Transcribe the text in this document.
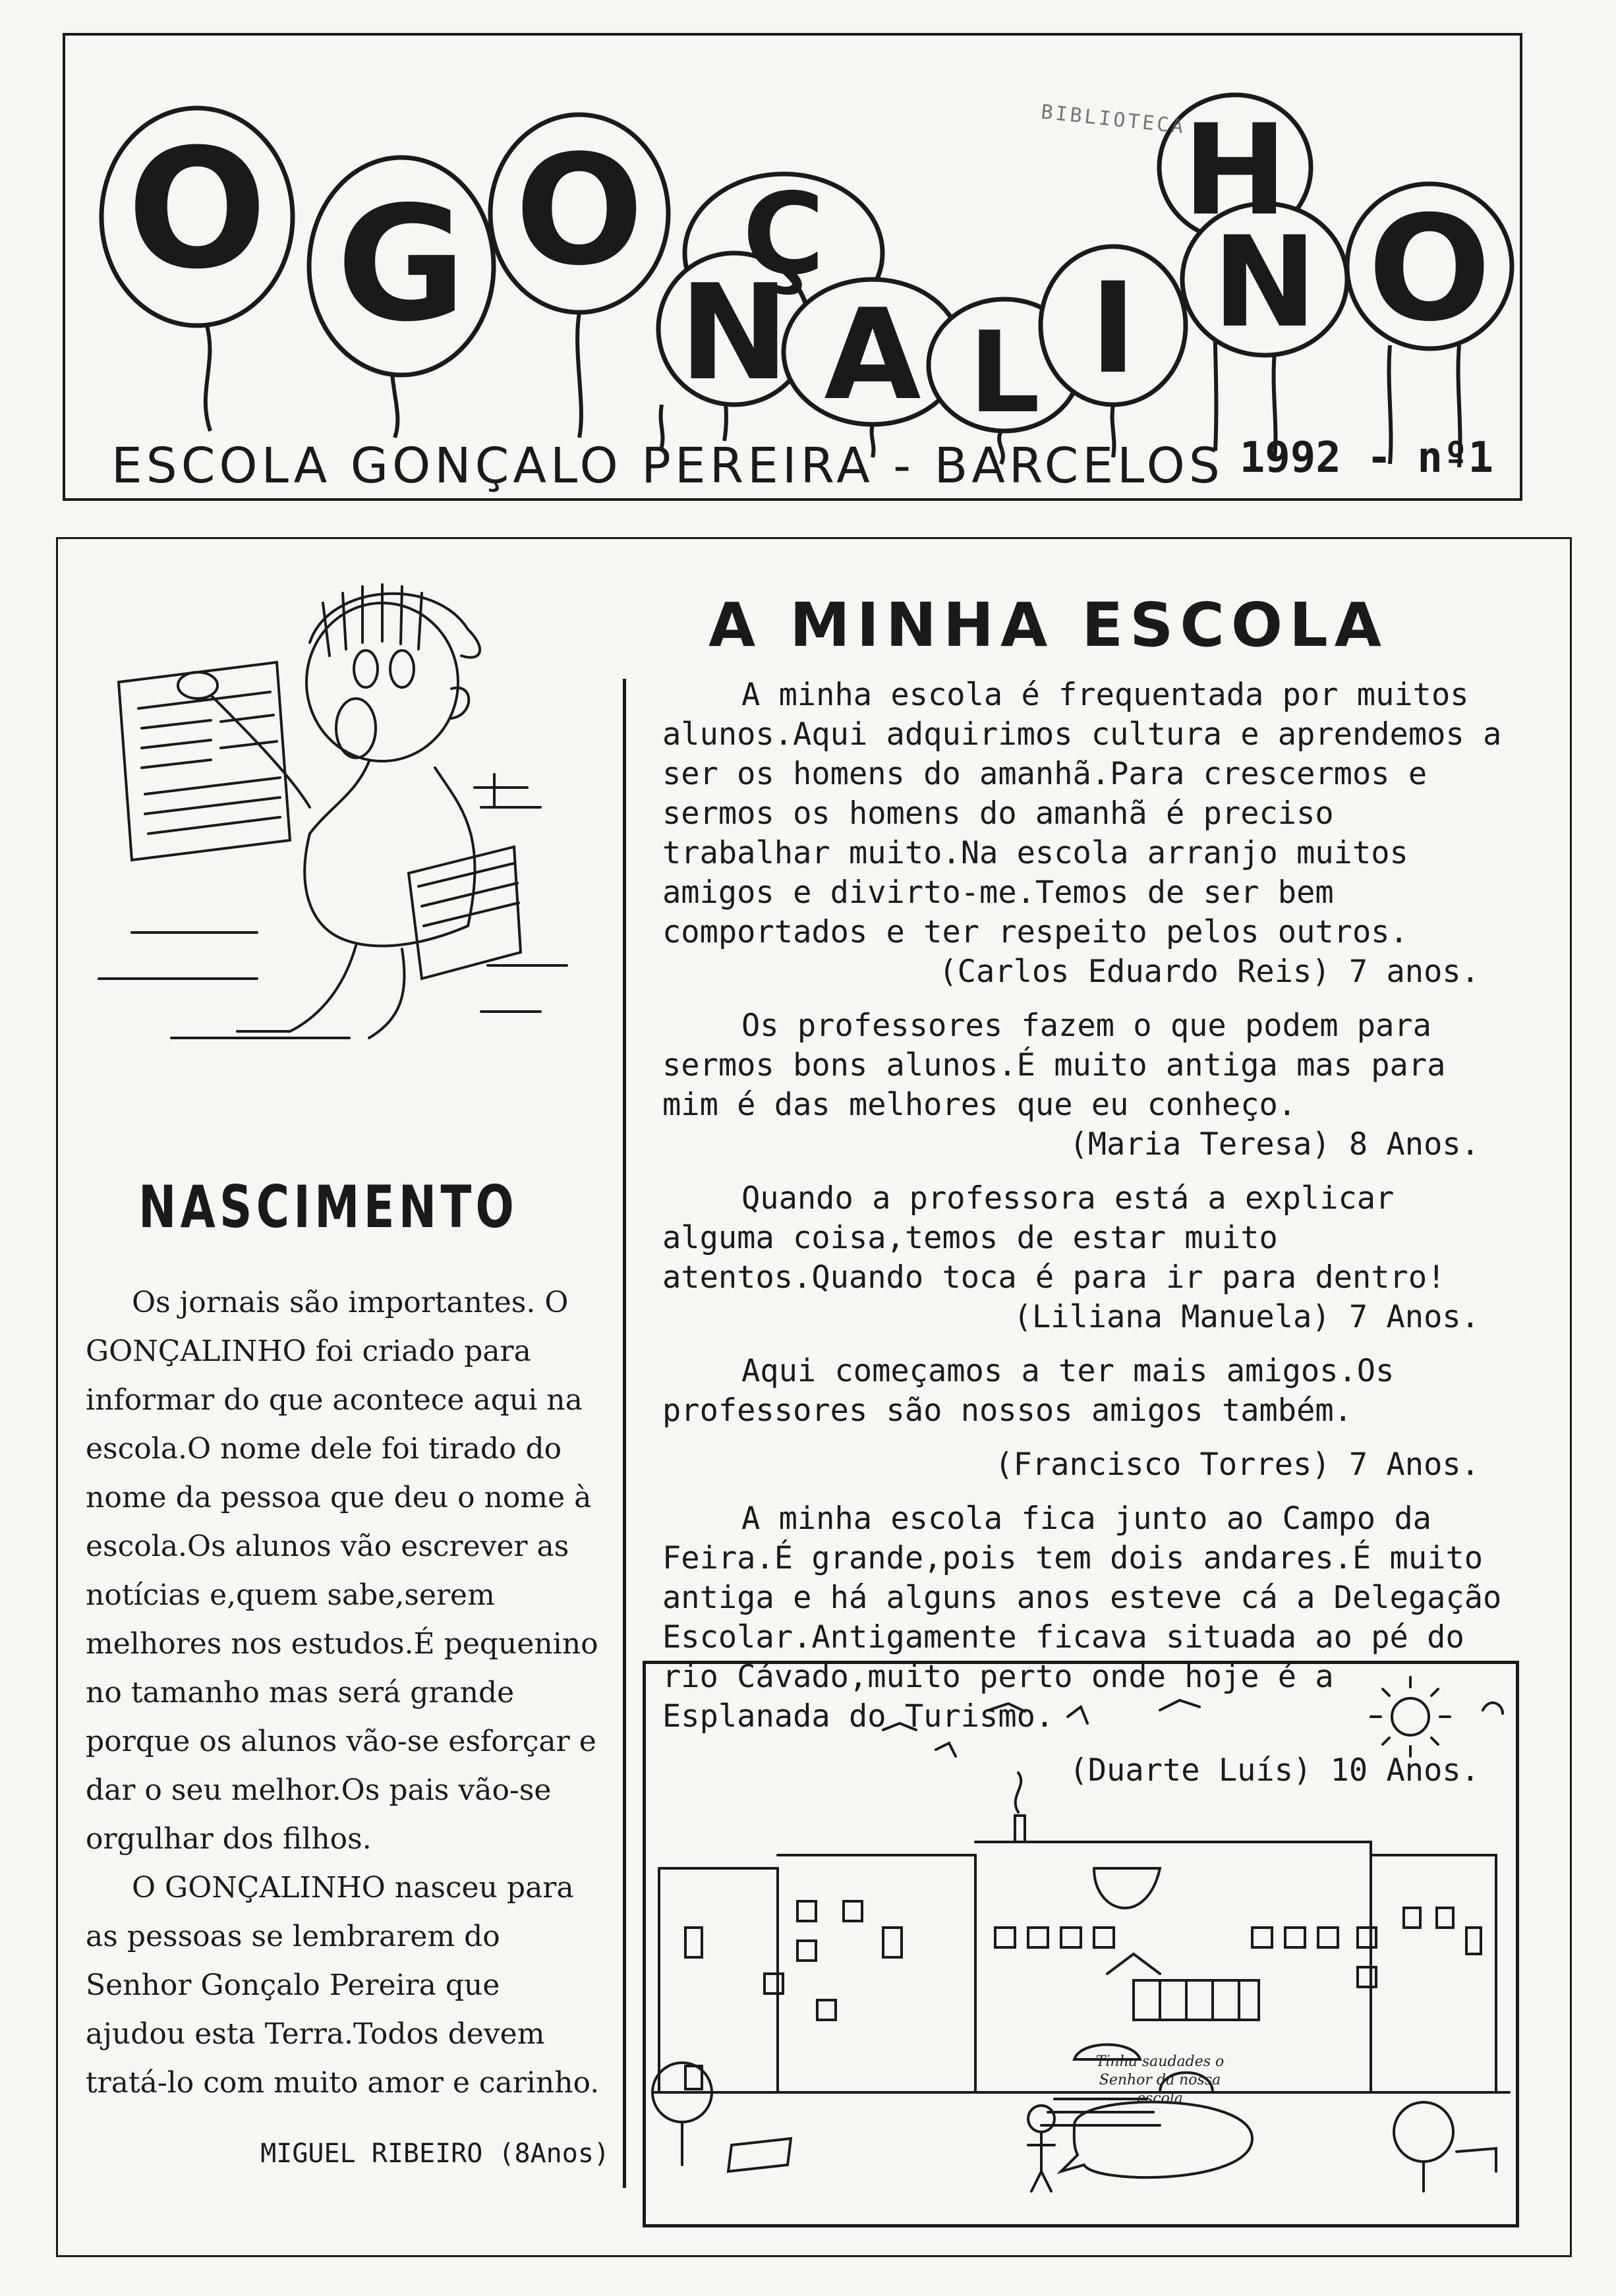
O G O
N
Ç
A L I N
H
O
BIBLIOTECA
ESCOLA GONÇALO PEREIRA - BARCELOS 1992 - nº1
NASCIMENTO

Os jornais são importantes. O GONÇALINHO foi criado para informar do que acontece aqui na escola.O nome dele foi tirado do nome da pessoa que deu o nome à escola.Os alunos vão escrever as notícias e,quem sabe,serem melhores nos estudos.É pequenino no tamanho mas será grande porque os alunos vão-se esforçar e dar o seu melhor.Os pais vão-se orgulhar dos filhos.

O GONÇALINHO nasceu para as pessoas se lembrarem do Senhor Gonçalo Pereira que ajudou esta Terra.Todos devem tratá-lo com muito amor e carinho.

MIGUEL RIBEIRO (8Anos)
A MINHA ESCOLA

A minha escola é frequentada por muitos alunos.Aqui adquirimos cultura e aprendemos a ser os homens do amanhã.Para crescermos e sermos os homens do amanhã é preciso trabalhar muito.Na escola arranjo muitos amigos e divirto-me.Temos de ser bem comportados e ter respeito pelos outros.

(Carlos Eduardo Reis) 7 anos.

Os professores fazem o que podem para sermos bons alunos.É muito antiga mas para mim é das melhores que eu conheço.

(Maria Teresa) 8 Anos.

Quando a professora está a explicar alguma coisa,temos de estar muito atentos.Quando toca é para ir para dentro!

(Liliana Manuela) 7 Anos.

Aqui começamos a ter mais amigos.Os professores são nossos amigos também.

(Francisco Torres) 7 Anos.

A minha escola fica junto ao Campo da Feira.É grande,pois tem dois andares.É muito antiga e há alguns anos esteve cá a Delegação Escolar.Antigamente ficava situada ao pé do rio Cávado,muito perto onde hoje é a Esplanada do Turismo.

(Duarte Luís) 10 Anos.

Tinha saudades o Senhor da nossa escola
